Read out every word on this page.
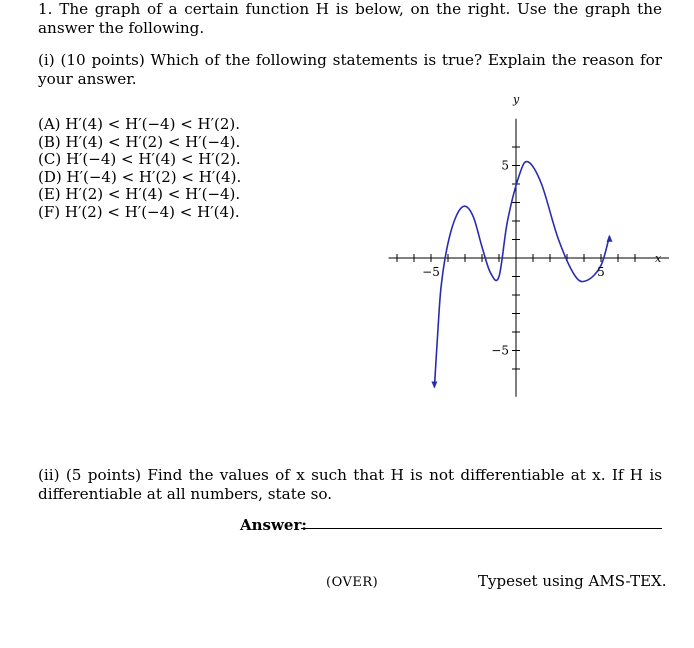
1. The graph of a certain function H is below, on the right. Use the graph the answer the following.
(i) (10 points) Which of the following statements is true? Explain the reason for your answer.
(A) H′(4) < H′(−4) < H′(2).
(B) H′(4) < H′(2) < H′(−4).
(C) H′(−4) < H′(4) < H′(2).
(D) H′(−4) < H′(2) < H′(4).
(E) H′(2) < H′(4) < H′(−4).
(F) H′(2) < H′(−4) < H′(4).
x
y
−5	5
5
−5
(ii) (5 points) Find the values of x such that H is not differentiable at x. If H is differentiable at all numbers, state so.
Answer:
(OVER)	Typeset using AMS-TEX.
